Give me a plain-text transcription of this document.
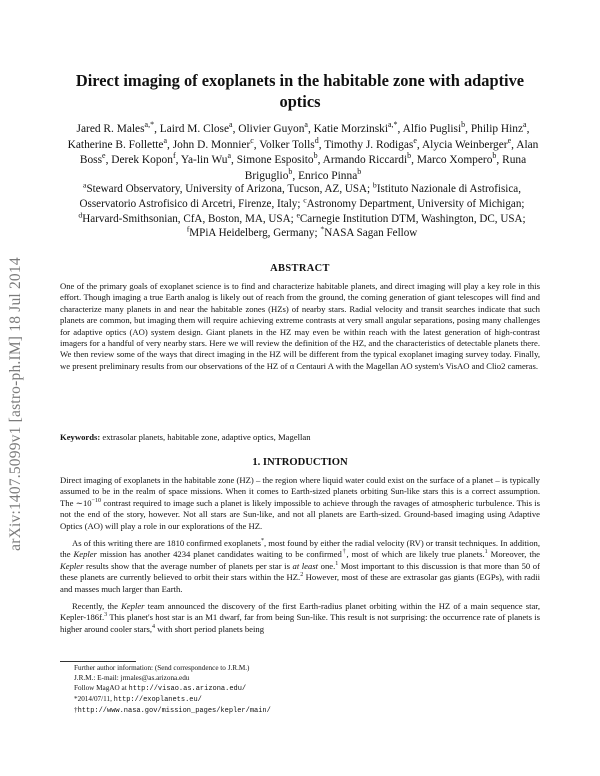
arXiv:1407.5099v1 [astro-ph.IM] 18 Jul 2014
Direct imaging of exoplanets in the habitable zone with adaptive optics
Jared R. Males$^{a,*}$, Laird M. Close$^a$, Olivier Guyon$^a$, Katie Morzinski$^{a,*}$, Alfio Puglisi$^b$, Philip Hinz$^a$, Katherine B. Follette$^a$, John D. Monnier$^c$, Volker Tolls$^d$, Timothy J. Rodigas$^e$, Alycia Weinberger$^e$, Alan Boss$^e$, Derek Kopon$^f$, Ya-lin Wu$^a$, Simone Esposito$^b$, Armando Riccardi$^b$, Marco Xompero$^b$, Runa Briguglio$^b$, Enrico Pinna$^b$
$^a$Steward Observatory, University of Arizona, Tucson, AZ, USA; $^b$Istituto Nazionale di Astrofisica, Osservatorio Astrofisico di Arcetri, Firenze, Italy; $^c$Astronomy Department, University of Michigan; $^d$Harvard-Smithsonian, CfA, Boston, MA, USA; $^e$Carnegie Institution DTM, Washington, DC, USA; $^f$MPiA Heidelberg, Germany; *NASA Sagan Fellow
ABSTRACT
One of the primary goals of exoplanet science is to find and characterize habitable planets, and direct imaging will play a key role in this effort. Though imaging a true Earth analog is likely out of reach from the ground, the coming generation of giant telescopes will find and characterize many planets in and near the habitable zones (HZs) of nearby stars. Radial velocity and transit searches indicate that such planets are common, but imaging them will require achieving extreme contrasts at very small angular separations, posing many challenges for adaptive optics (AO) system design. Giant planets in the HZ may even be within reach with the latest generation of high-contrast imagers for a handful of very nearby stars. Here we will review the definition of the HZ, and the characteristics of detectable planets there. We then review some of the ways that direct imaging in the HZ will be different from the typical exoplanet imaging survey today. Finally, we present preliminary results from our observations of the HZ of α Centauri A with the Magellan AO system's VisAO and Clio2 cameras.
Keywords: extrasolar planets, habitable zone, adaptive optics, Magellan
1. INTRODUCTION

Direct imaging of exoplanets in the habitable zone (HZ) – the region where liquid water could exist on the surface of a planet – is typically assumed to be in the realm of space missions. When it comes to Earth-sized planets orbiting Sun-like stars this is a correct assumption. The $\sim 10^{-10}$ contrast required to image such a planet is likely impossible to achieve through the ravages of atmospheric turbulence. This is not the end of the story, however. Not all stars are Sun-like, and not all planets are Earth-sized. Ground-based imaging using Adaptive Optics (AO) will play a role in our explorations of the HZ.

As of this writing there are 1810 confirmed exoplanets*, most found by either the radial velocity (RV) or transit techniques. In addition, the Kepler mission has another 4234 planet candidates waiting to be confirmed†, most of which are likely true planets.$^1$ Moreover, the Kepler results show that the average number of planets per star is at least one.$^1$ Most important to this discussion is that more than 50 of these planets are currently believed to orbit their stars within the HZ.$^2$ However, most of these are extrasolar gas giants (EGPs), with radii and masses much larger than Earth.

Recently, the Kepler team announced the discovery of the first Earth-radius planet orbiting within the HZ of a main sequence star, Kepler-186f.$^3$ This planet's host star is an M1 dwarf, far from being Sun-like. This result is not surprising: the occurrence rate of planets is higher around cooler stars,$^4$ with short period planets being

Further author information: (Send correspondence to J.R.M.)
J.R.M.: E-mail: jrmales@as.arizona.edu
Follow MagAO at http://visao.as.arizona.edu/
*2014/07/11, http://exoplanets.eu/
†http://www.nasa.gov/mission_pages/kepler/main/
